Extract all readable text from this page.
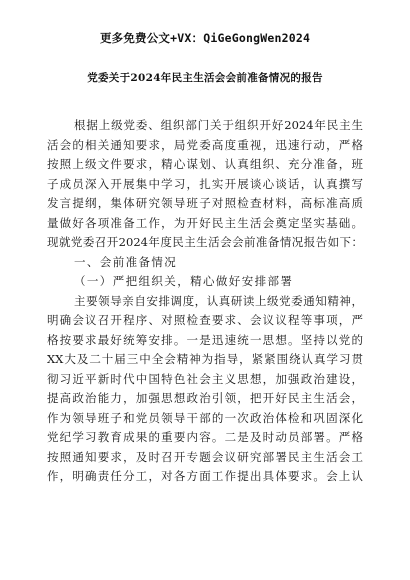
更多免费公文+VX：QiGeGongWen2024
党委关于2024年民主生活会会前准备情况的报告
根据上级党委、组织部门关于组织开好2024年民主生
活会的相关通知要求，局党委高度重视，迅速行动，严格
按照上级文件要求，精心谋划、认真组织、充分准备，班
子成员深入开展集中学习，扎实开展谈心谈话，认真撰写
发言提纲，集体研究领导班子对照检查材料，高标准高质
量做好各项准备工作，为开好民主生活会奠定坚实基础。
现就党委召开2024年度民主生活会会前准备情况报告如下：
一、会前准备情况
（一）严把组织关，精心做好安排部署
主要领导亲自安排调度，认真研读上级党委通知精神，
明确会议召开程序、对照检查要求、会议议程等事项，严
格按要求最好统筹安排。一是迅速统一思想。坚持以党的
XX大及二十届三中全会精神为指导，紧紧围绕认真学习贯
彻习近平新时代中国特色社会主义思想，加强政治建设，
提高政治能力，加强思想政治引领，把开好民主生活会，
作为领导班子和党员领导干部的一次政治体检和巩固深化
党纪学习教育成果的重要内容。二是及时动员部署。严格
按照通知要求，及时召开专题会议研究部署民主生活会工
作，明确责任分工，对各方面工作提出具体要求。会上认
